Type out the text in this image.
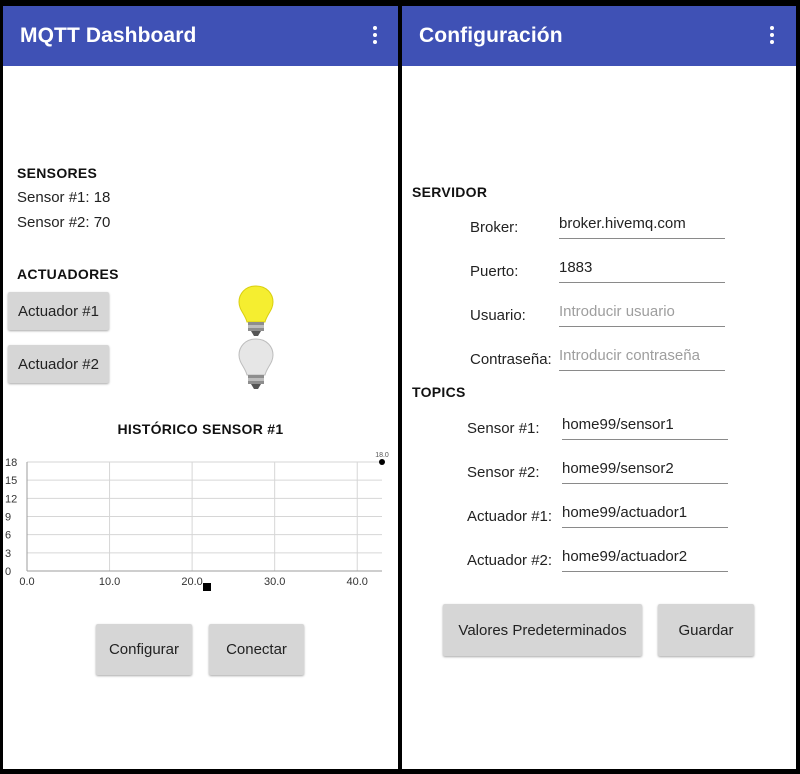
MQTT Dashboard
SENSORES
Sensor #1: 18
Sensor #2: 70
ACTUADORES
Actuador #1
Actuador #2
HISTÓRICO SENSOR #1
0
3
6
9
12
15
18
0.0	10.0	20.0	30.0	40.0
18.0
Configurar	Conectar
Configuración
SERVIDOR
Broker:	broker.hivemq.com
Puerto:	1883
Usuario: Introducir usuario
Contraseña: Introducir contraseña
TOPICS
Sensor #1: home99/sensor1
Sensor #2: home99/sensor2
Actuador #1: home99/actuador1
Actuador #2: home99/actuador2
Valores Predeterminados	Guardar
